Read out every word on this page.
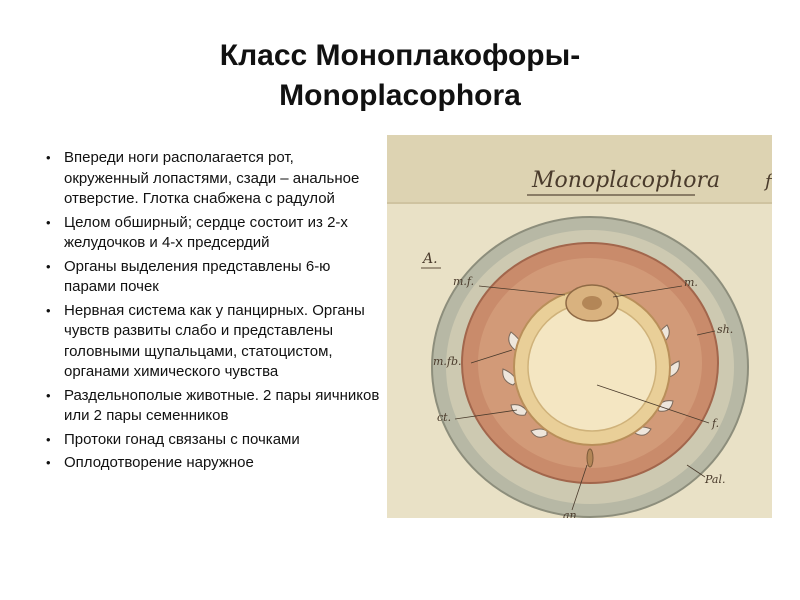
Класс Моноплакофоры-
Monoplacophora
• Впереди ноги располагается рот, окруженный лопастями, сзади – анальное отверстие. Глотка снабжена с радулой
• Целом обширный; сердце состоит из 2-х желудочков и 4-х предсердий
• Органы выделения представлены 6-ю парами почек
• Нервная система как у панцирных. Органы чувств развиты слабо и представлены головными щупальцами, статоцистом, органами химического чувства
• Раздельнополые животные. 2 пары яичников или 2 пары семенников
• Протоки гонад связаны с почками
• Оплодотворение наружное
Monoplacophora f
A.
m.f.	m.
sh.
m.fb.
ct.	f.
Pal.
an
